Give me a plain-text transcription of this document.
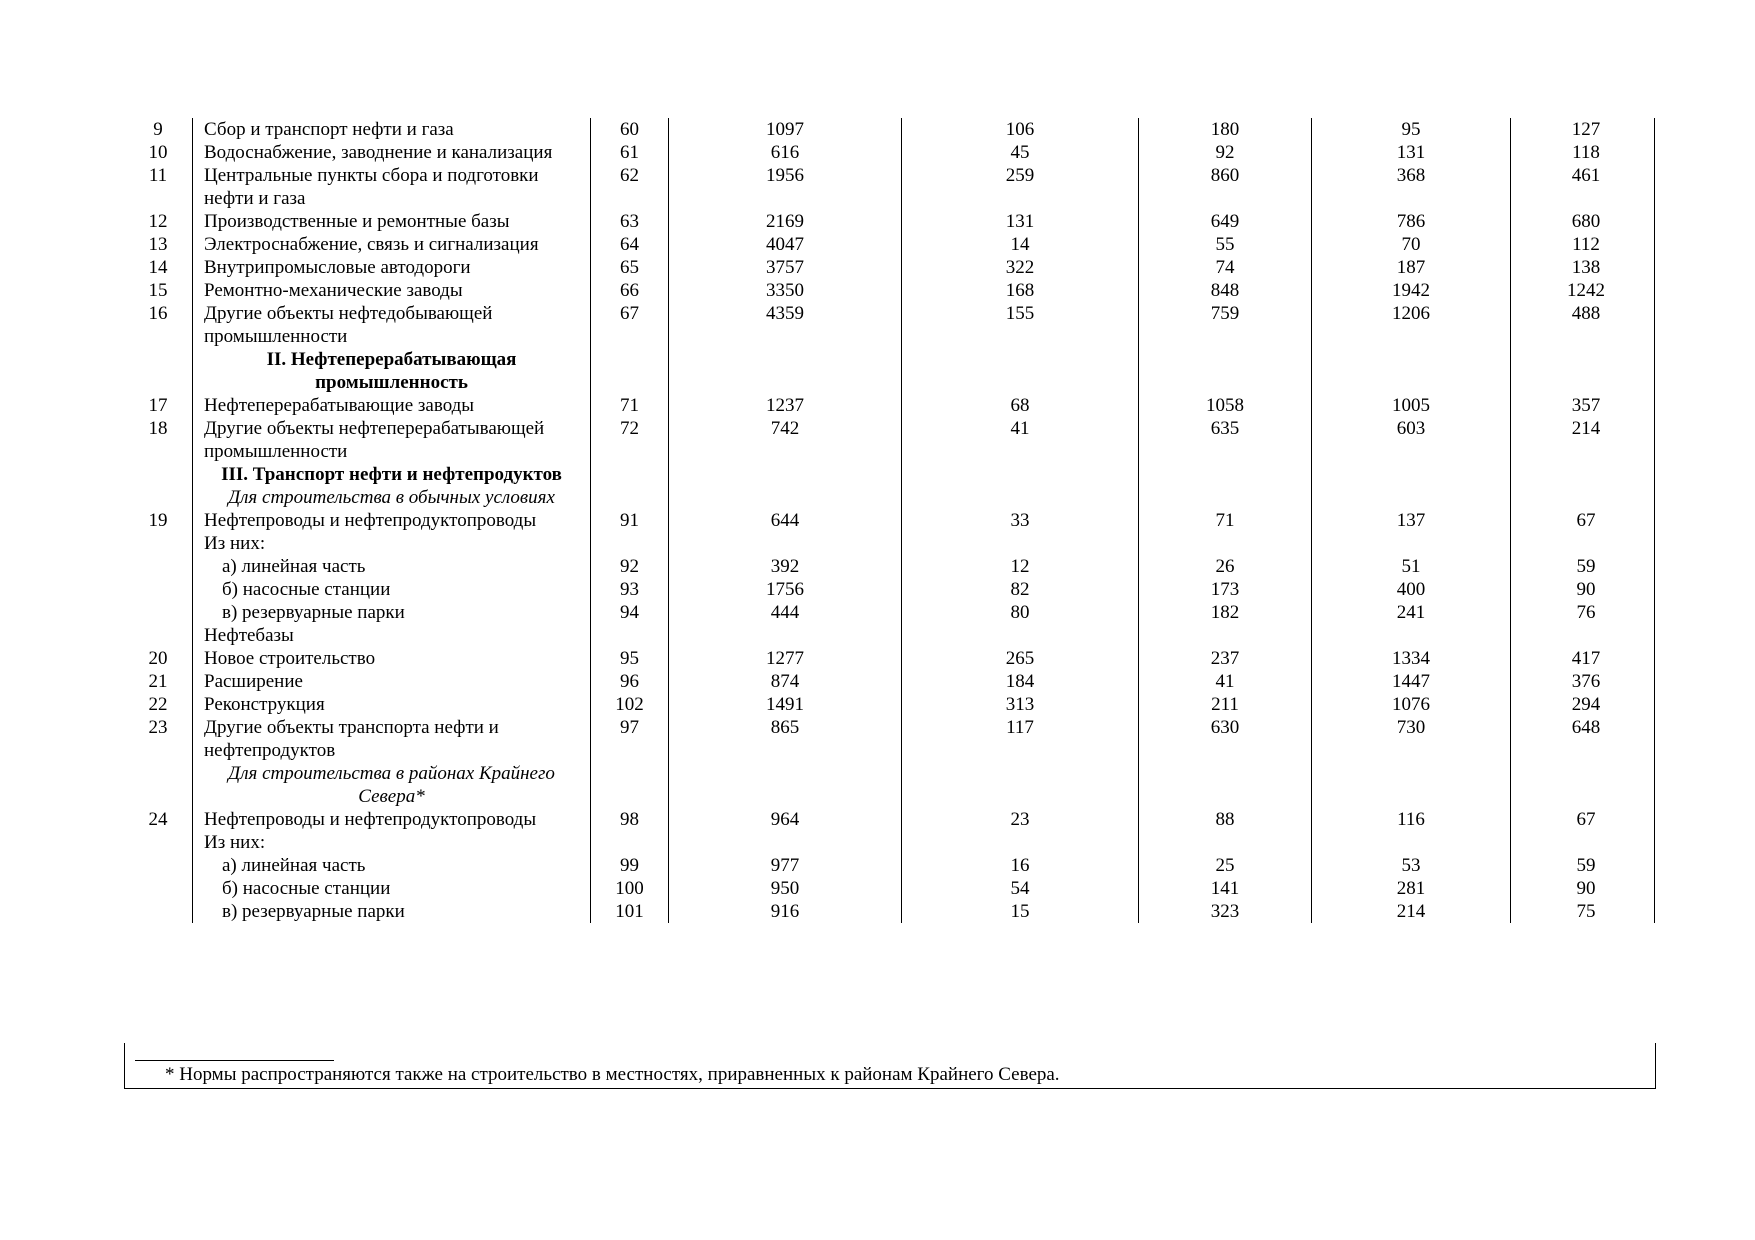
9	Сбор и транспорт нефти и газа	60	1097	106	180	95	127
10	Водоснабжение, заводнение и канализация	61	616	45	92	131	118
11	Центральные пункты сбора и подготовки нефти и газа	62	1956	259	860	368	461
12	Производственные и ремонтные базы	63	2169	131	649	786	680
13	Электроснабжение, связь и сигнализация	64	4047	14	55	70	112
14	Внутрипромысловые автодороги	65	3757	322	74	187	138
15	Ремонтно-механические заводы	66	3350	168	848	1942	1242
16	Другие объекты нефтедобывающей промышленности	67	4359	155	759	1206	488
	II. Нефтеперерабатывающая промышленность						
17	Нефтеперерабатывающие заводы	71	1237	68	1058	1005	357
18	Другие объекты нефтеперерабатывающей промышленности	72	742	41	635	603	214
	III. Транспорт нефти и нефтепродуктов						
	Для строительства в обычных условиях						
19	Нефтепроводы и нефтепродуктопроводы	91	644	33	71	137	67
	Из них:						
	а) линейная часть	92	392	12	26	51	59
	б) насосные станции	93	1756	82	173	400	90
	в) резервуарные парки	94	444	80	182	241	76
	Нефтебазы						
20	Новое строительство	95	1277	265	237	1334	417
21	Расширение	96	874	184	41	1447	376
22	Реконструкция	102	1491	313	211	1076	294
23	Другие объекты транспорта нефти и нефтепродуктов	97	865	117	630	730	648
	Для строительства в районах Крайнего Севера*						
24	Нефтепроводы и нефтепродуктопроводы	98	964	23	88	116	67
	Из них:						
	а) линейная часть	99	977	16	25	53	59
	б) насосные станции	100	950	54	141	281	90
	в) резервуарные парки	101	916	15	323	214	75
* Нормы распространяются также на строительство в местностях, приравненных к районам Крайнего Севера.
